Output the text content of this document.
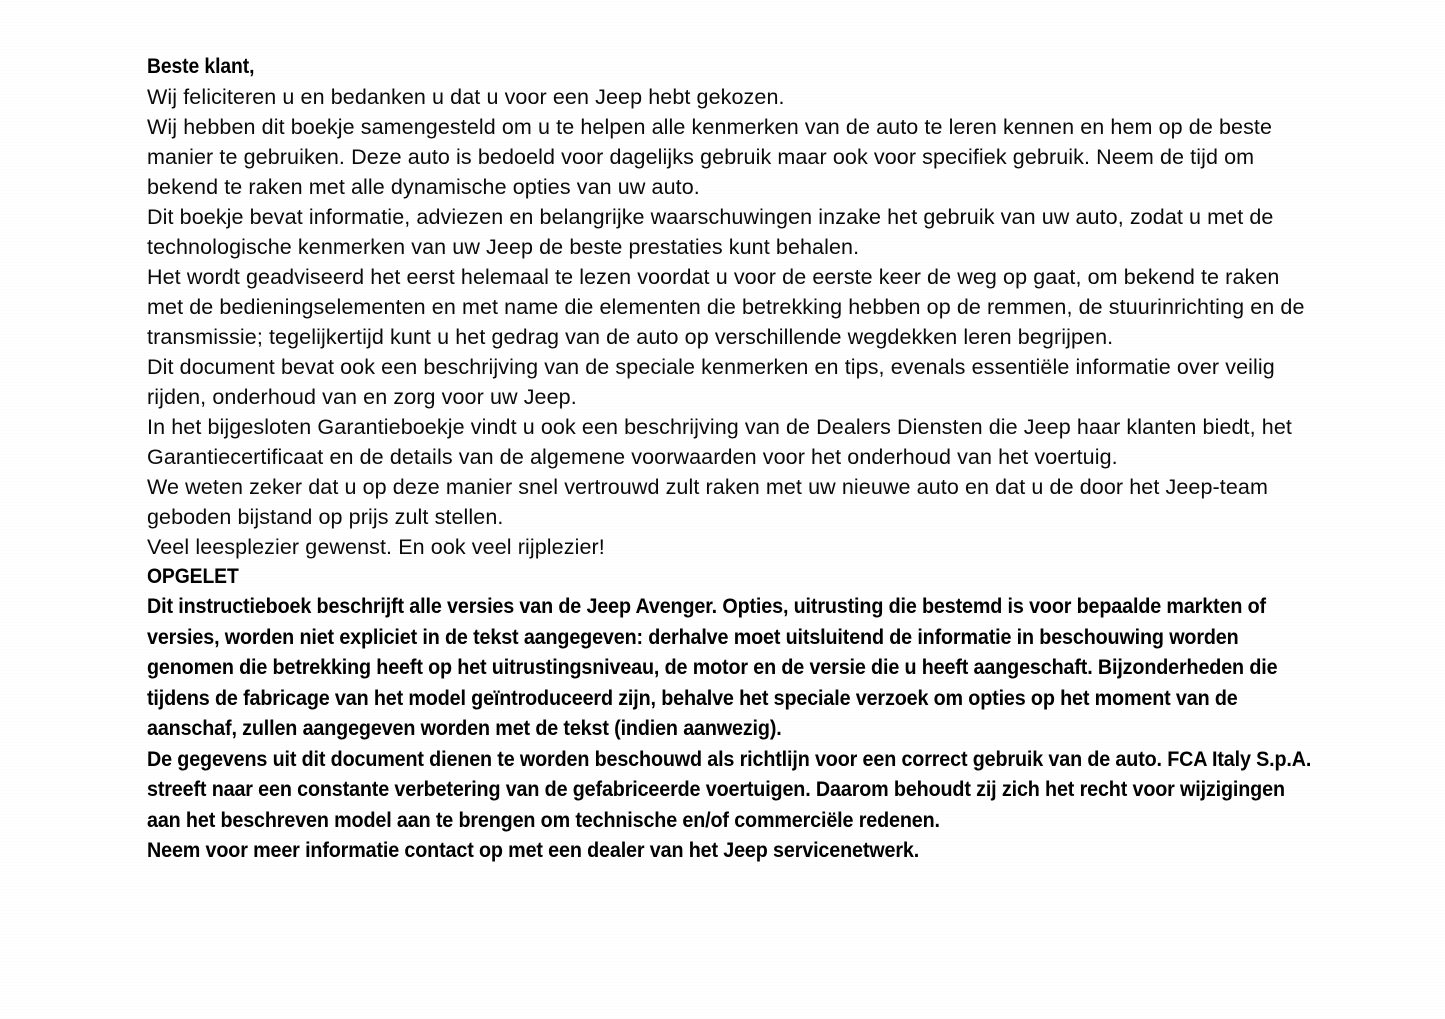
Beste klant,

Wij feliciteren u en bedanken u dat u voor een Jeep hebt gekozen.

Wij hebben dit boekje samengesteld om u te helpen alle kenmerken van de auto te leren kennen en hem op de beste manier te gebruiken. Deze auto is bedoeld voor dagelijks gebruik maar ook voor specifiek gebruik. Neem de tijd om bekend te raken met alle dynamische opties van uw auto.

Dit boekje bevat informatie, adviezen en belangrijke waarschuwingen inzake het gebruik van uw auto, zodat u met de technologische kenmerken van uw Jeep de beste prestaties kunt behalen.

Het wordt geadviseerd het eerst helemaal te lezen voordat u voor de eerste keer de weg op gaat, om bekend te raken met de bedieningselementen en met name die elementen die betrekking hebben op de remmen, de stuurinrichting en de transmissie; tegelijkertijd kunt u het gedrag van de auto op verschillende wegdekken leren begrijpen.

Dit document bevat ook een beschrijving van de speciale kenmerken en tips, evenals essentiële informatie over veilig rijden, onderhoud van en zorg voor uw Jeep.

In het bijgesloten Garantieboekje vindt u ook een beschrijving van de Dealers Diensten die Jeep haar klanten biedt, het Garantiecertificaat en de details van de algemene voorwaarden voor het onderhoud van het voertuig.

We weten zeker dat u op deze manier snel vertrouwd zult raken met uw nieuwe auto en dat u de door het Jeep-team geboden bijstand op prijs zult stellen.

Veel leesplezier gewenst. En ook veel rijplezier!

OPGELET

Dit instructieboek beschrijft alle versies van de Jeep Avenger. Opties, uitrusting die bestemd is voor bepaalde markten of versies, worden niet expliciet in de tekst aangegeven: derhalve moet uitsluitend de informatie in beschouwing worden genomen die betrekking heeft op het uitrustingsniveau, de motor en de versie die u heeft aangeschaft. Bijzonderheden die tijdens de fabricage van het model geïntroduceerd zijn, behalve het speciale verzoek om opties op het moment van de aanschaf, zullen aangegeven worden met de tekst (indien aanwezig).

De gegevens uit dit document dienen te worden beschouwd als richtlijn voor een correct gebruik van de auto. FCA Italy S.p.A. streeft naar een constante verbetering van de gefabriceerde voertuigen. Daarom behoudt zij zich het recht voor wijzigingen aan het beschreven model aan te brengen om technische en/of commerciële redenen.

Neem voor meer informatie contact op met een dealer van het Jeep servicenetwerk.
